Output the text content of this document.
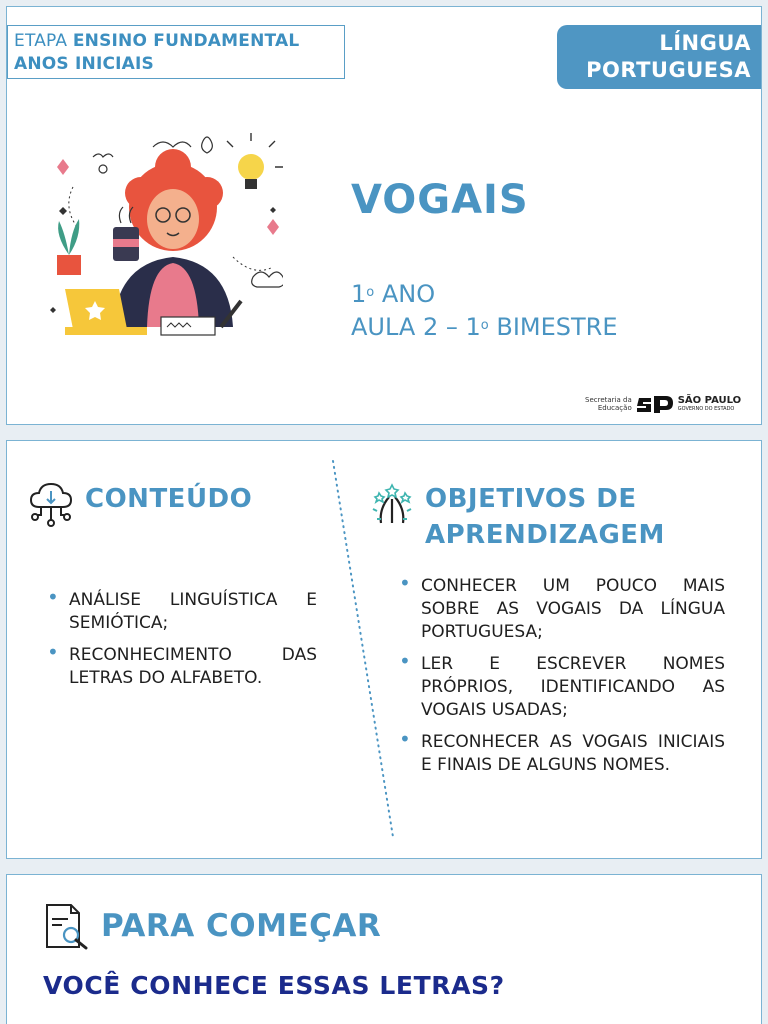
ETAPA ENSINO FUNDAMENTAL
ANOS INICIAIS
LÍNGUA
PORTUGUESA
VOGAIS
1$^o$ ANO
AULA 2 – 1$^o$ BIMESTRE
Secretaria da
Educação
SÃO PAULO
GOVERNO DO ESTADO
CONTEÚDO	OBJETIVOS DE
APRENDIZAGEM
• ANÁLISE LINGUÍSTICA E SEMIÓTICA;
• RECONHECIMENTO DAS LETRAS DO ALFABETO.
• CONHECER UM POUCO MAIS SOBRE AS VOGAIS DA LÍNGUA PORTUGUESA;
• LER E ESCREVER NOMES PRÓPRIOS, IDENTIFICANDO AS VOGAIS USADAS;
• RECONHECER AS VOGAIS INICIAIS E FINAIS DE ALGUNS NOMES.
PARA COMEÇAR
VOCÊ CONHECE ESSAS LETRAS?
